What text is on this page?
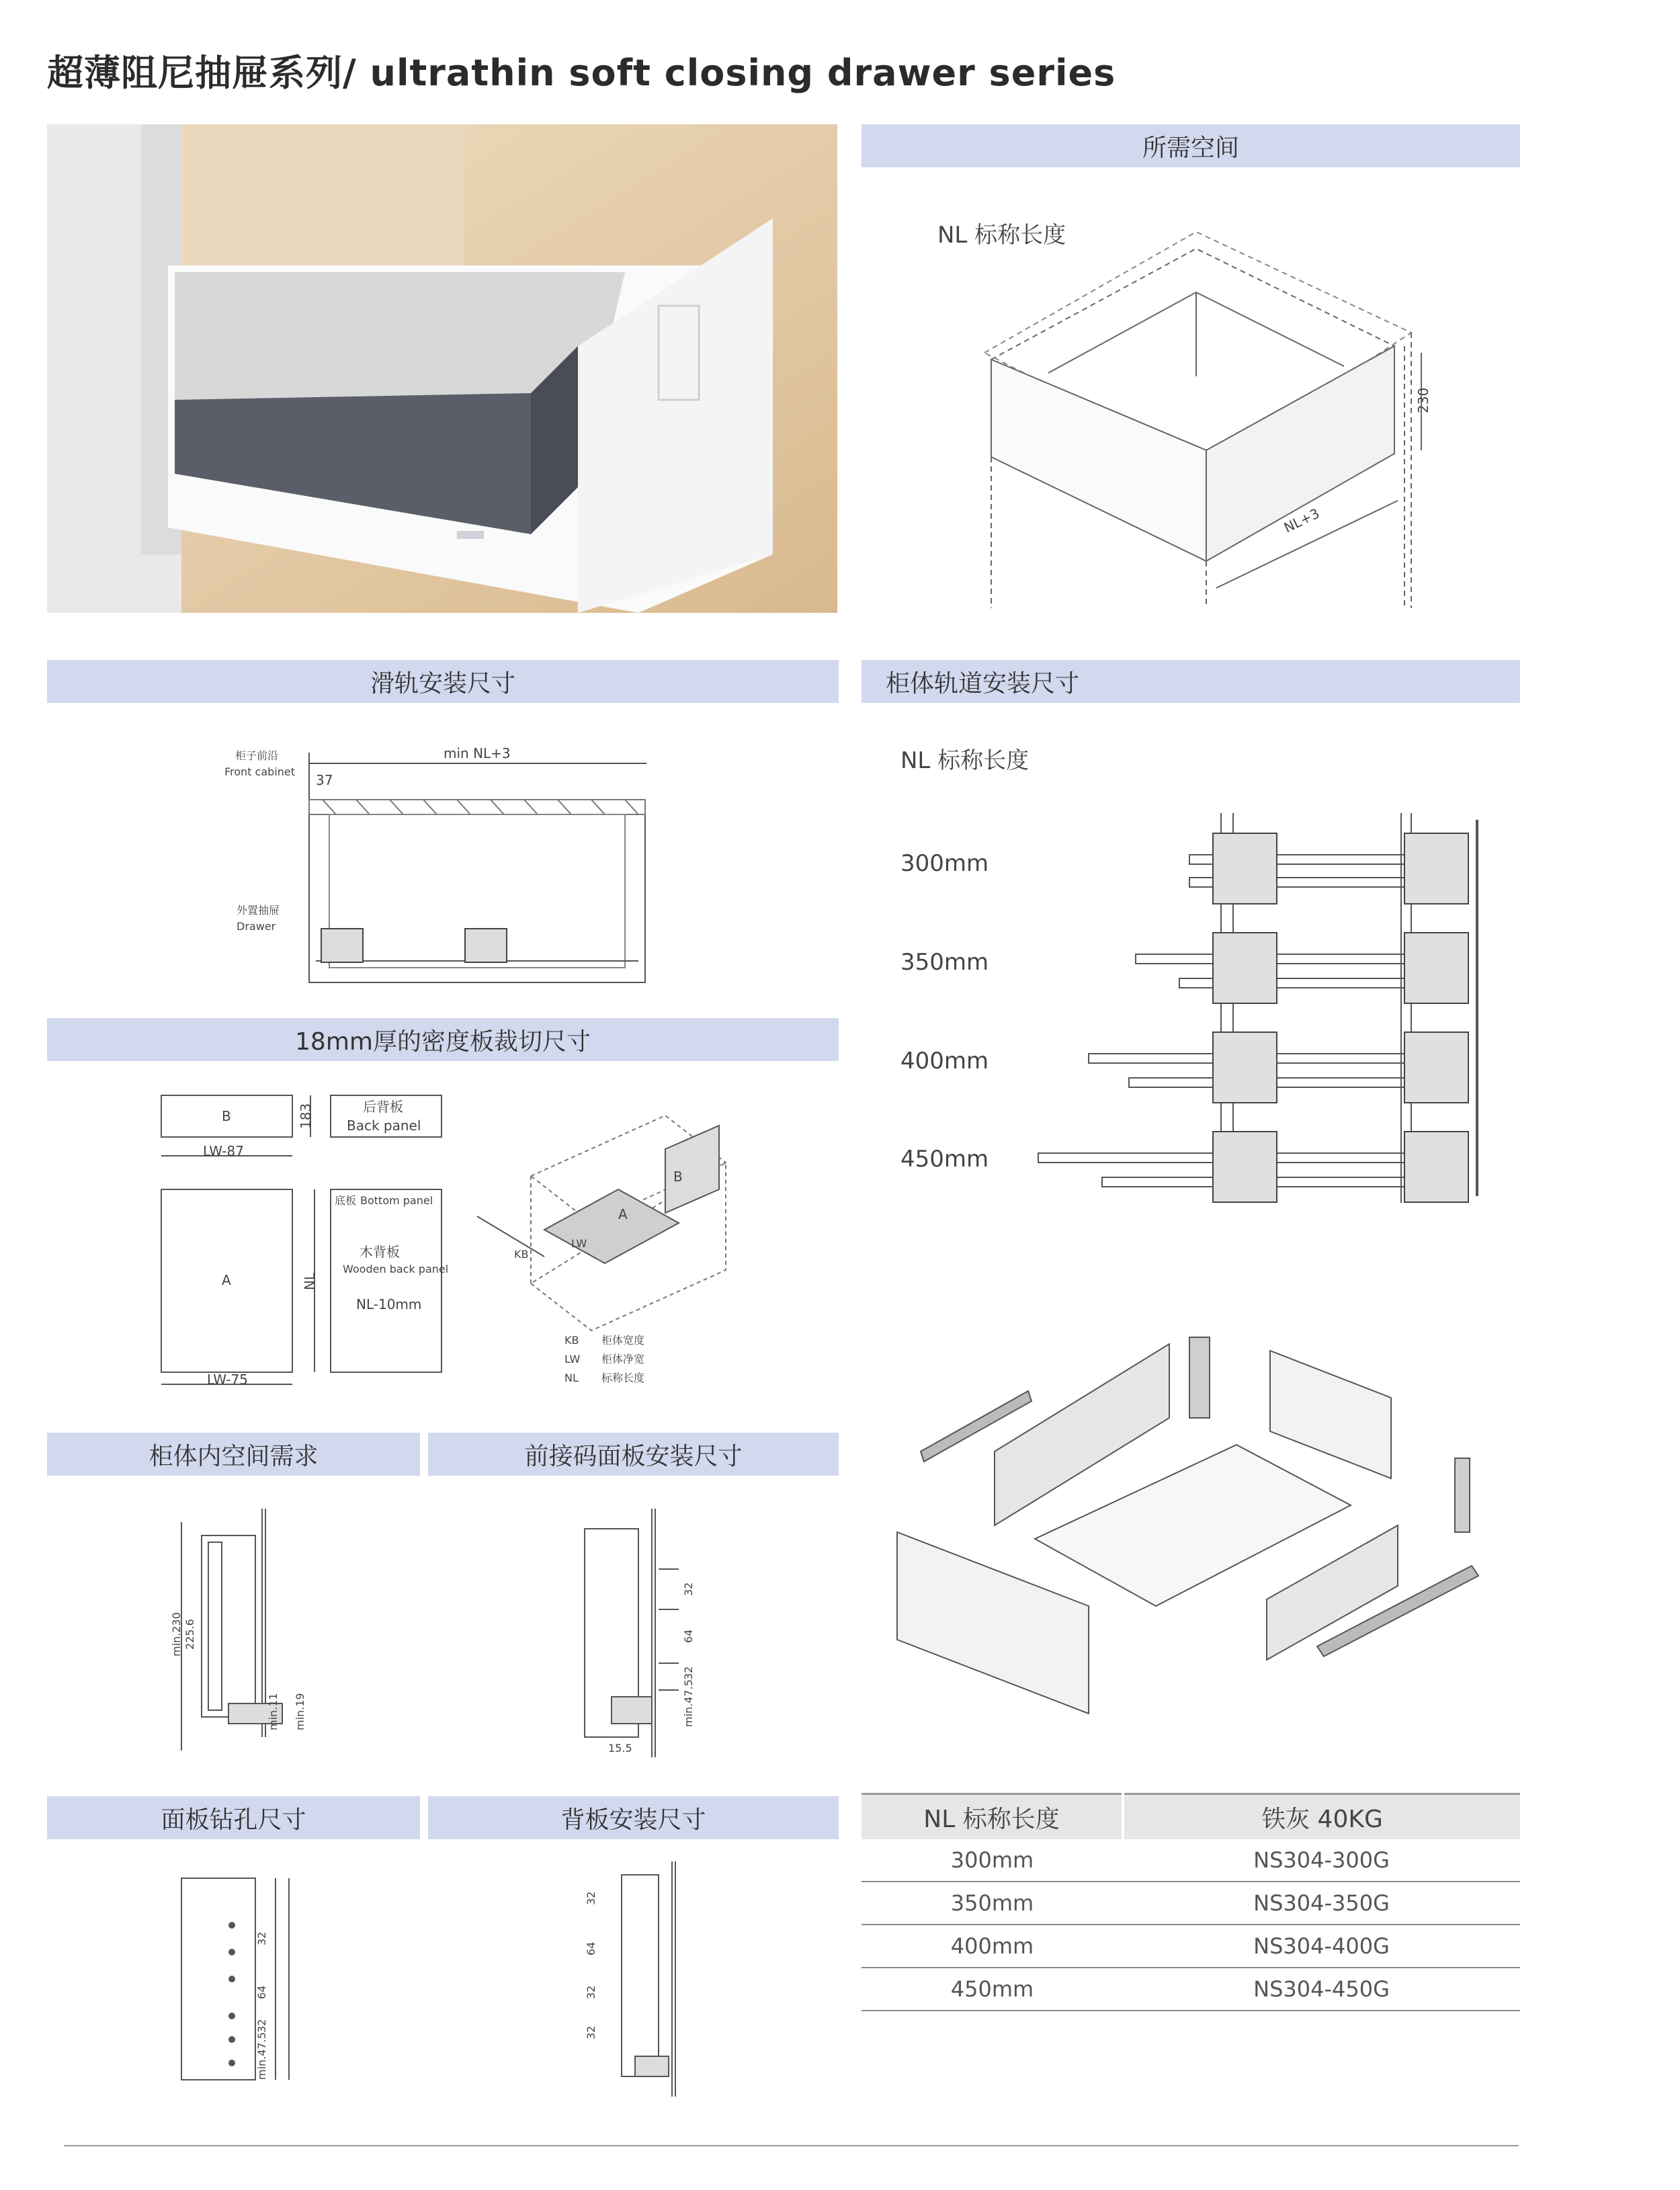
超薄阻尼抽屉系列/ ultrathin soft closing drawer series
所需空间
NL 标称长度
230
NL+3
滑轨安装尺寸
柜子前沿
Front cabinet
37
min NL+3
外置抽屉
Drawer
柜体轨道安装尺寸
NL 标称长度
300mm
350mm
400mm
450mm
18mm厚的密度板裁切尺寸
B	183
LW-87
后背板
Back panel
A	NL
LW-75
底板 Bottom panel
木背板
Wooden back panel
NL-10mm
A
B
LW
KB
KB 柜体宽度
LW 柜体净宽
NL 标称长度
柜体内空间需求	前接码面板安装尺寸
min.230 225.6
min.11 min.19
32
64
32
min.47.5
15.5
面板钻孔尺寸	背板安装尺寸
32
64
32
min.47.5
32
64
32
32
NL 标称长度	铁灰 40KG
300mm	NS304-300G
350mm	NS304-350G
400mm	NS304-400G
450mm	NS304-450G
